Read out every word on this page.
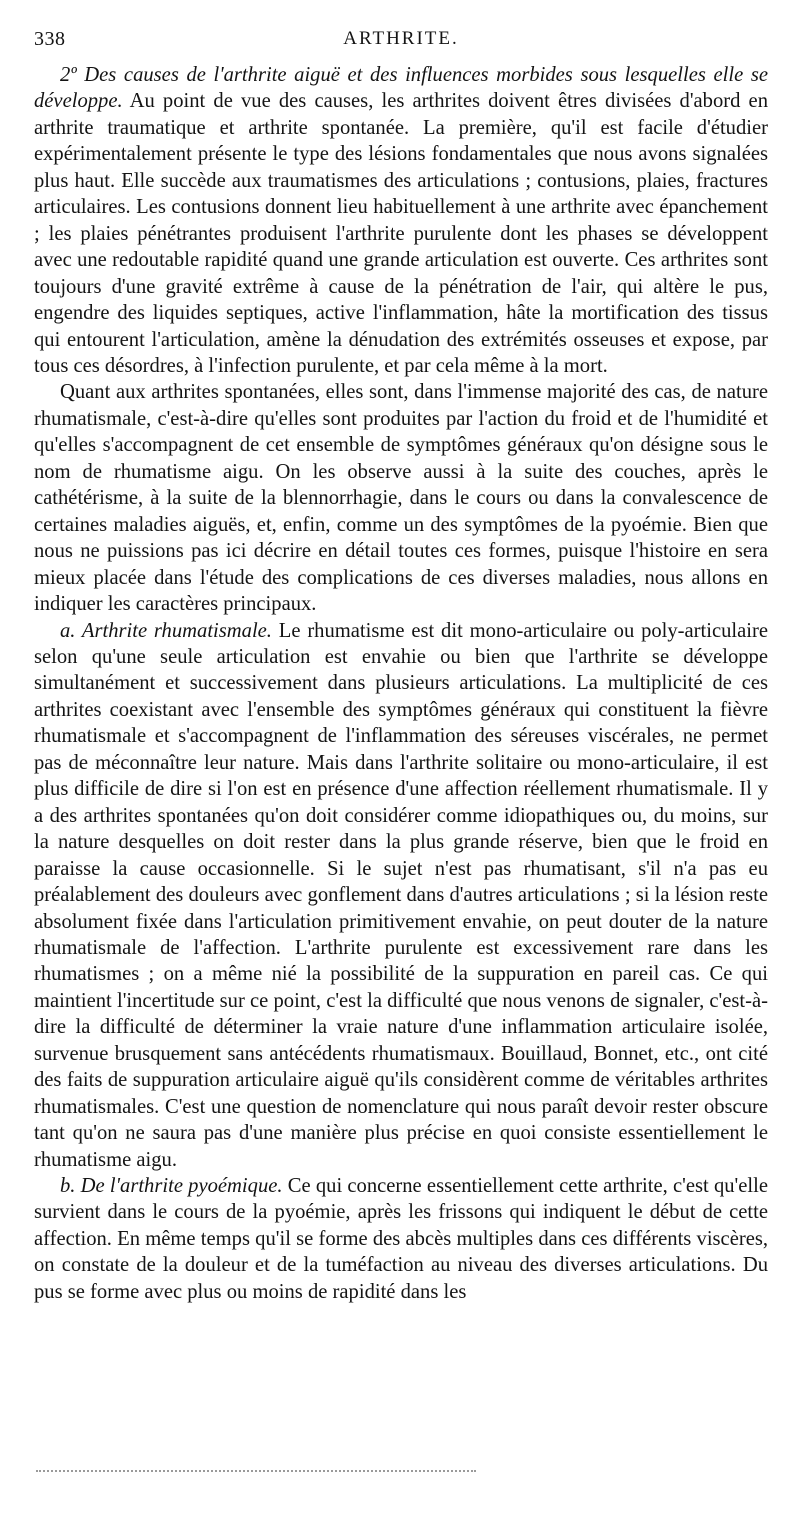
338	ARTHRITE.

2º Des causes de l'arthrite aiguë et des influences morbides sous lesquelles elle se développe. Au point de vue des causes, les arthrites doivent êtres divisées d'abord en arthrite traumatique et arthrite spontanée. La première, qu'il est facile d'étudier expérimentalement présente le type des lésions fondamentales que nous avons signalées plus haut. Elle succède aux traumatismes des articulations ; contusions, plaies, fractures articulaires. Les contusions donnent lieu habituellement à une arthrite avec épanchement ; les plaies pénétrantes produisent l'arthrite purulente dont les phases se développent avec une redoutable rapidité quand une grande articulation est ouverte. Ces arthrites sont toujours d'une gravité extrême à cause de la pénétration de l'air, qui altère le pus, engendre des liquides septiques, active l'inflammation, hâte la mortification des tissus qui entourent l'articulation, amène la dénudation des extrémités osseuses et expose, par tous ces désordres, à l'infection purulente, et par cela même à la mort.

Quant aux arthrites spontanées, elles sont, dans l'immense majorité des cas, de nature rhumatismale, c'est-à-dire qu'elles sont produites par l'action du froid et de l'humidité et qu'elles s'accompagnent de cet ensemble de symptômes généraux qu'on désigne sous le nom de rhumatisme aigu. On les observe aussi à la suite des couches, après le cathétérisme, à la suite de la blennorrhagie, dans le cours ou dans la convalescence de certaines maladies aiguës, et, enfin, comme un des symptômes de la pyoémie. Bien que nous ne puissions pas ici décrire en détail toutes ces formes, puisque l'histoire en sera mieux placée dans l'étude des complications de ces diverses maladies, nous allons en indiquer les caractères principaux.

a. Arthrite rhumatismale. Le rhumatisme est dit mono-articulaire ou poly-articulaire selon qu'une seule articulation est envahie ou bien que l'arthrite se développe simultanément et successivement dans plusieurs articulations. La multiplicité de ces arthrites coexistant avec l'ensemble des symptômes généraux qui constituent la fièvre rhumatismale et s'accompagnent de l'inflammation des séreuses viscérales, ne permet pas de méconnaître leur nature. Mais dans l'arthrite solitaire ou mono-articulaire, il est plus difficile de dire si l'on est en présence d'une affection réellement rhumatismale. Il y a des arthrites spontanées qu'on doit considérer comme idiopathiques ou, du moins, sur la nature desquelles on doit rester dans la plus grande réserve, bien que le froid en paraisse la cause occasionnelle. Si le sujet n'est pas rhumatisant, s'il n'a pas eu préalablement des douleurs avec gonflement dans d'autres articulations ; si la lésion reste absolument fixée dans l'articulation primitivement envahie, on peut douter de la nature rhumatismale de l'affection. L'arthrite purulente est excessivement rare dans les rhumatismes ; on a même nié la possibilité de la suppuration en pareil cas. Ce qui maintient l'incertitude sur ce point, c'est la difficulté que nous venons de signaler, c'est-à-dire la difficulté de déterminer la vraie nature d'une inflammation articulaire isolée, survenue brusquement sans antécédents rhumatismaux. Bouillaud, Bonnet, etc., ont cité des faits de suppuration articulaire aiguë qu'ils considèrent comme de véritables arthrites rhumatismales. C'est une question de nomenclature qui nous paraît devoir rester obscure tant qu'on ne saura pas d'une manière plus précise en quoi consiste essentiellement le rhumatisme aigu.

b. De l'arthrite pyoémique. Ce qui concerne essentiellement cette arthrite, c'est qu'elle survient dans le cours de la pyoémie, après les frissons qui indiquent le début de cette affection. En même temps qu'il se forme des abcès multiples dans ces différents viscères, on constate de la douleur et de la tuméfaction au niveau des diverses articulations. Du pus se forme avec plus ou moins de rapidité dans les
